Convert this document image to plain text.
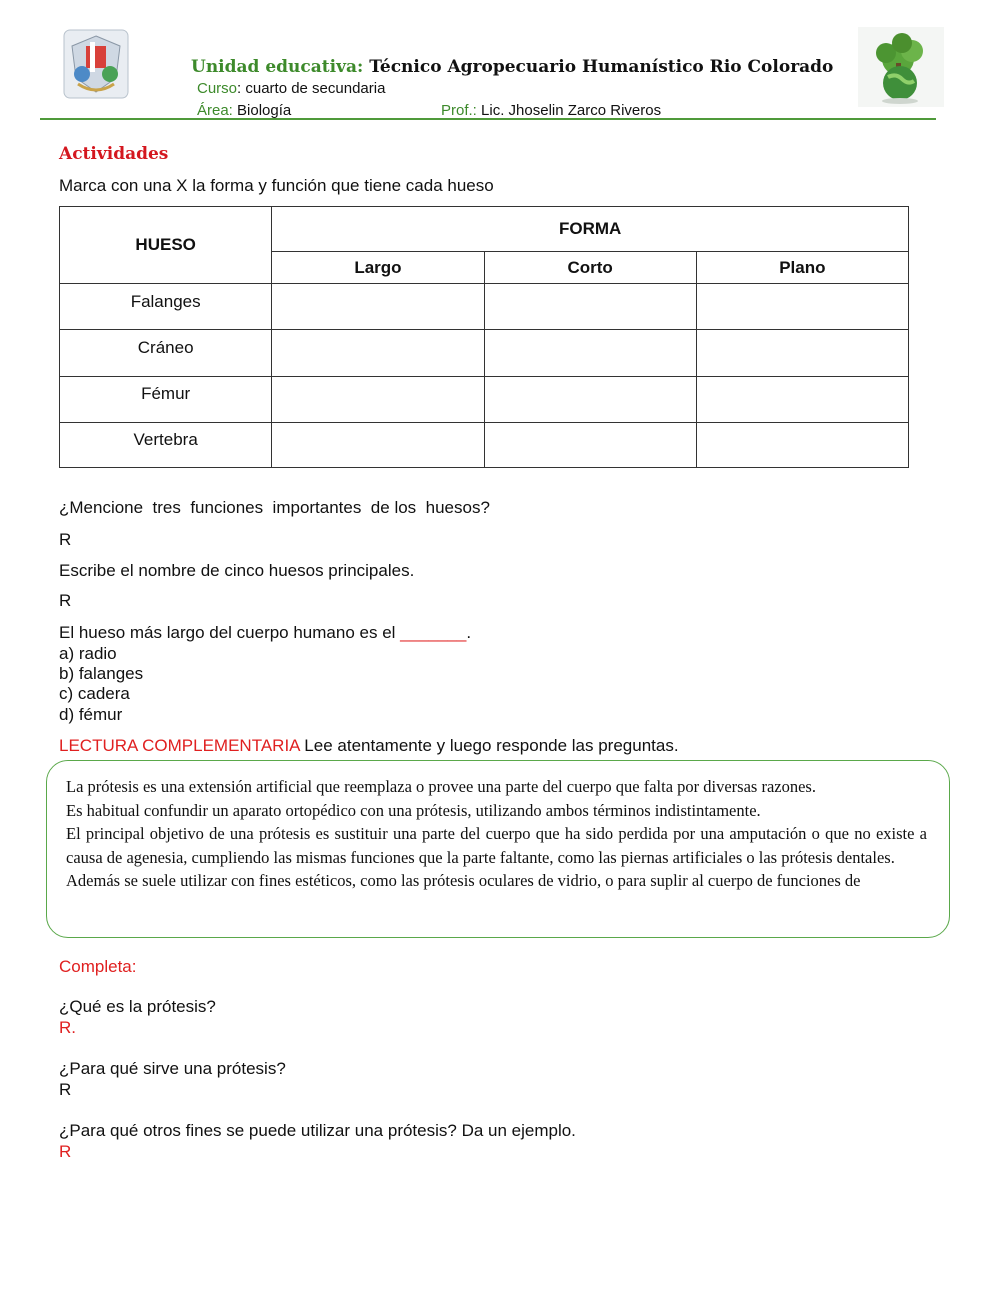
Unidad educativa: Técnico Agropecuario Humanístico Rio Colorado
Curso: cuarto de secundaria
Área: Biología	Prof.: Lic. Jhoselin Zarco Riveros
Actividades
Marca con una X la forma y función que tiene cada hueso
HUESO	FORMA		
	Largo	Corto	Plano
Falanges			
Cráneo			
Fémur			
Vertebra			
¿Mencione  tres  funciones  importantes  de los  huesos?
R
Escribe el nombre de cinco huesos principales.
R
El hueso más largo del cuerpo humano es el _______.
a) radio
b) falanges
c) cadera
d) fémur
LECTURA COMPLEMENTARIA Lee atentamente y luego responde las preguntas.

La prótesis es una extensión artificial que reemplaza o provee una parte del cuerpo que falta por diversas razones.

Es habitual confundir un aparato ortopédico con una prótesis, utilizando ambos términos indistintamente.

El principal objetivo de una prótesis es sustituir una parte del cuerpo que ha sido perdida por una amputación o que no existe a causa de agenesia, cumpliendo las mismas funciones que la parte faltante, como las piernas artificiales o las prótesis dentales.

Además se suele utilizar con fines estéticos, como las prótesis oculares de vidrio, o para suplir al cuerpo de funciones de

Completa:
¿Qué es la prótesis?
R.
¿Para qué sirve una prótesis?
R
¿Para qué otros fines se puede utilizar una prótesis? Da un ejemplo.
R
